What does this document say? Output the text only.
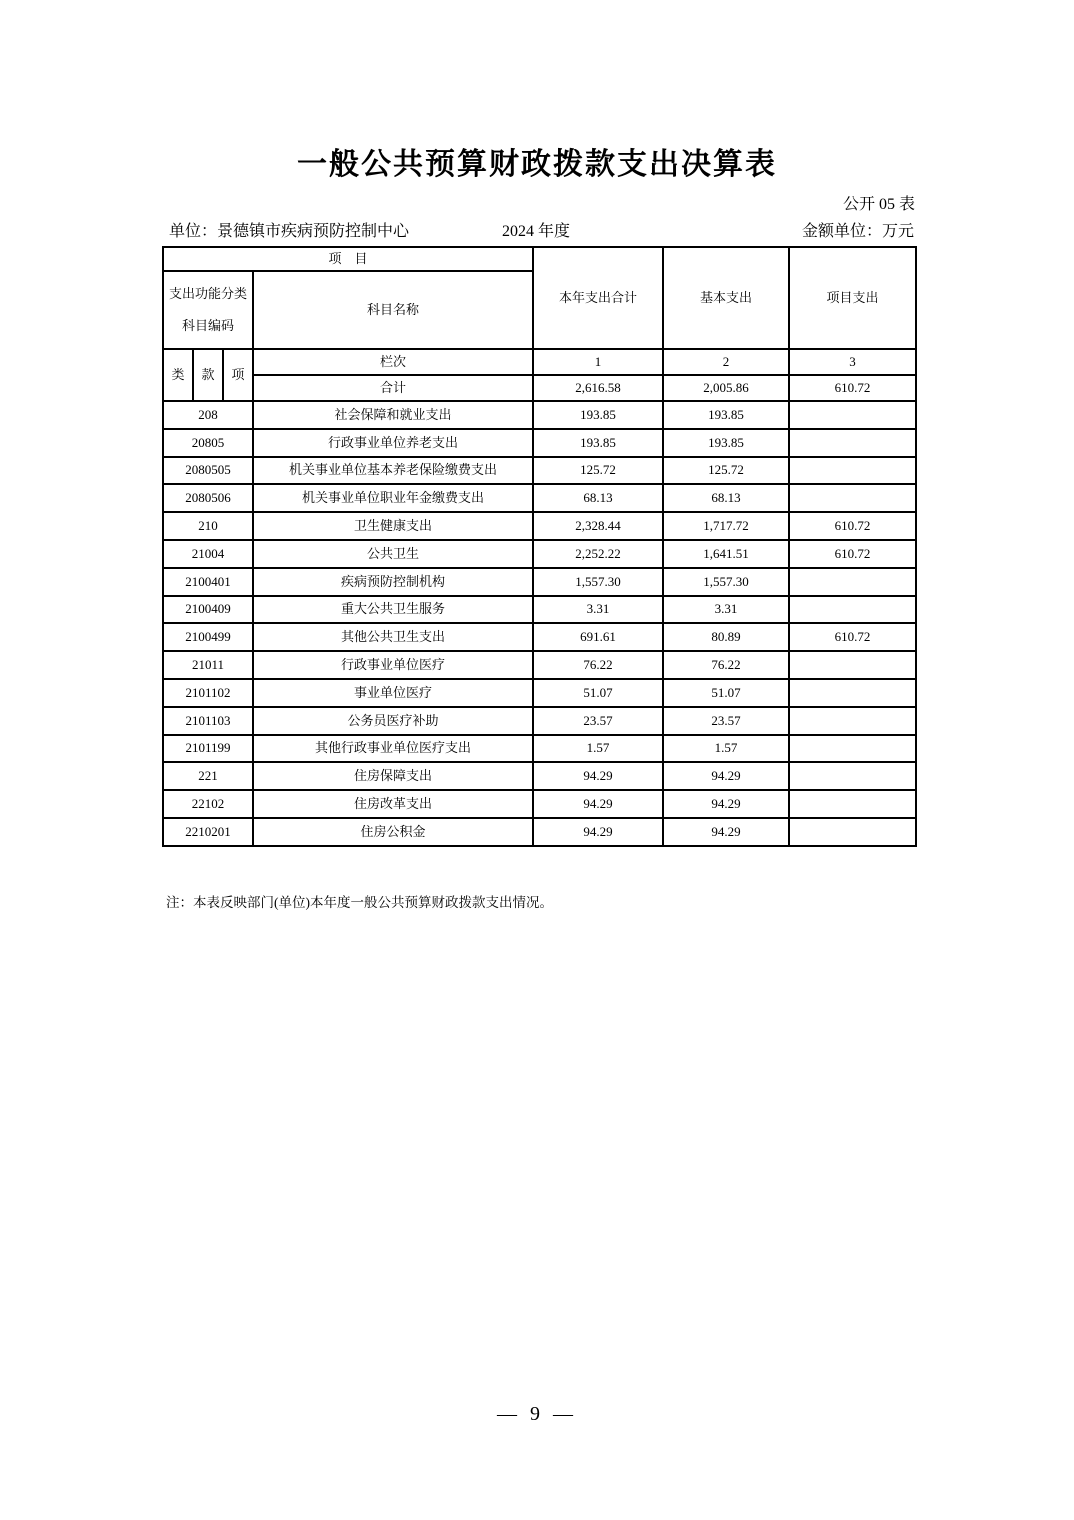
一般公共预算财政拨款支出决算表
公开 05 表
单位：景德镇市疾病预防控制中心	2024 年度	金额单位：万元
项　目				本年支出合计	基本支出	项目支出

支出功能分类
科目编码			科目名称			
类	款	项	栏次	1	2	3
			合计	2,616.58	2,005.86	610.72
208			社会保障和就业支出	193.85	193.85	
20805			行政事业单位养老支出	193.85	193.85	
2080505			机关事业单位基本养老保险缴费支出	125.72	125.72	
2080506			机关事业单位职业年金缴费支出	68.13	68.13	
210			卫生健康支出	2,328.44	1,717.72	610.72
21004			公共卫生	2,252.22	1,641.51	610.72
2100401			疾病预防控制机构	1,557.30	1,557.30	
2100409			重大公共卫生服务	3.31	3.31	
2100499			其他公共卫生支出	691.61	80.89	610.72
21011			行政事业单位医疗	76.22	76.22	
2101102			事业单位医疗	51.07	51.07	
2101103			公务员医疗补助	23.57	23.57	
2101199			其他行政事业单位医疗支出	1.57	1.57	
221			住房保障支出	94.29	94.29	
22102			住房改革支出	94.29	94.29	
2210201			住房公积金	94.29	94.29	
注：本表反映部门(单位)本年度一般公共预算财政拨款支出情况。
— 9 —
